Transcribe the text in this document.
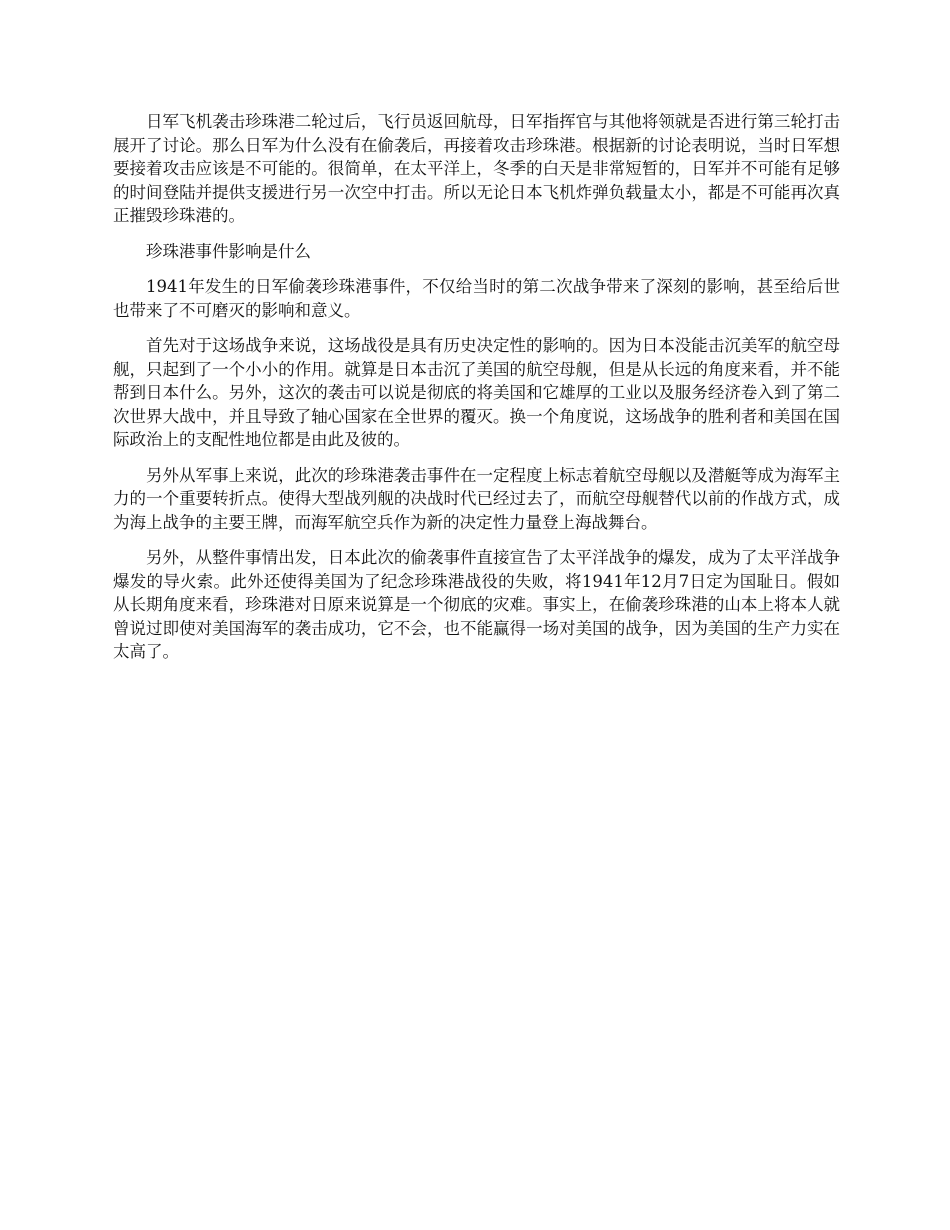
日军飞机袭击珍珠港二轮过后，飞行员返回航母，日军指挥官与其他将领就是否进行第三轮打击展开了讨论。那么日军为什么没有在偷袭后，再接着攻击珍珠港。根据新的讨论表明说，当时日军想要接着攻击应该是不可能的。很简单，在太平洋上，冬季的白天是非常短暂的，日军并不可能有足够的时间登陆并提供支援进行另一次空中打击。所以无论日本飞机炸弹负载量太小，都是不可能再次真正摧毁珍珠港的。

珍珠港事件影响是什么

1941年发生的日军偷袭珍珠港事件，不仅给当时的第二次战争带来了深刻的影响，甚至给后世也带来了不可磨灭的影响和意义。

首先对于这场战争来说，这场战役是具有历史决定性的影响的。因为日本没能击沉美军的航空母舰，只起到了一个小小的作用。就算是日本击沉了美国的航空母舰，但是从长远的角度来看，并不能帮到日本什么。另外，这次的袭击可以说是彻底的将美国和它雄厚的工业以及服务经济卷入到了第二次世界大战中，并且导致了轴心国家在全世界的覆灭。换一个角度说，这场战争的胜利者和美国在国际政治上的支配性地位都是由此及彼的。

另外从军事上来说，此次的珍珠港袭击事件在一定程度上标志着航空母舰以及潜艇等成为海军主力的一个重要转折点。使得大型战列舰的决战时代已经过去了，而航空母舰替代以前的作战方式，成为海上战争的主要王牌，而海军航空兵作为新的决定性力量登上海战舞台。

另外，从整件事情出发，日本此次的偷袭事件直接宣告了太平洋战争的爆发，成为了太平洋战争爆发的导火索。此外还使得美国为了纪念珍珠港战役的失败，将1941年12月7日定为国耻日。假如从长期角度来看，珍珠港对日原来说算是一个彻底的灾难。事实上，在偷袭珍珠港的山本上将本人就曾说过即使对美国海军的袭击成功，它不会，也不能赢得一场对美国的战争，因为美国的生产力实在太高了。
